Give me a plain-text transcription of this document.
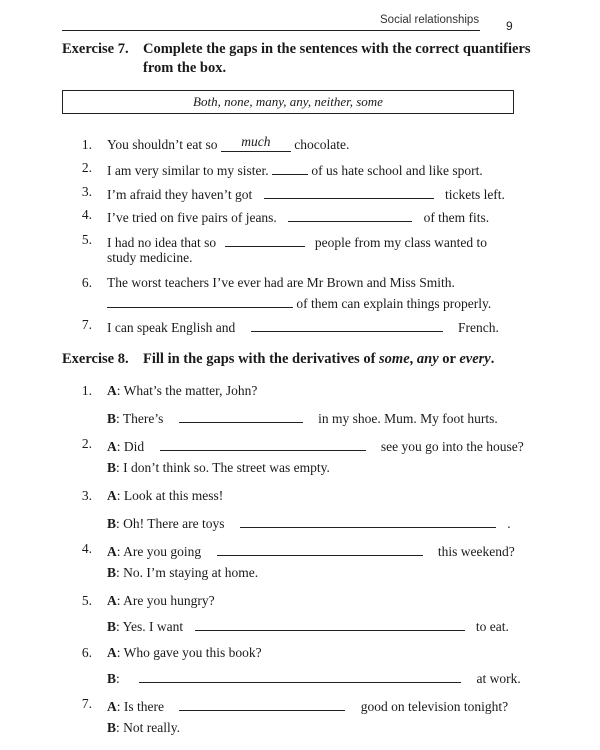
Social relationships 9
Exercise 7. Complete the gaps in the sentences with the correct quantifiers from the box.
Both, none, many, any, neither, some
1. You shouldn’t eat so	much	chocolate.
2. I am very similar to my sister.	of us hate school and like sport.
3. I’m afraid they haven’t got	tickets left.
4. I’ve tried on five pairs of jeans.	of them fits.
5. I had no idea that so	people from my class wanted to
study medicine.
6. The worst teachers I’ve ever had are Mr Brown and Miss Smith.
of them can explain things properly.
7. I can speak English and	French.
Exercise 8. Fill in the gaps with the derivatives of some, any or every.
1. A: What’s the matter, John?
B: There’s	in my shoe. Mum. My foot hurts.
2. A: Did	see you go into the house?
B: I don’t think so. The street was empty.
3. A: Look at this mess!
B: Oh! There are toys	.
4. A: Are you going	this weekend?
B: No. I’m staying at home.
5. A: Are you hungry?
B: Yes. I want	to eat.
6. A: Who gave you this book?
B:	at work.
7. A: Is there	good on television tonight?
B: Not really.
